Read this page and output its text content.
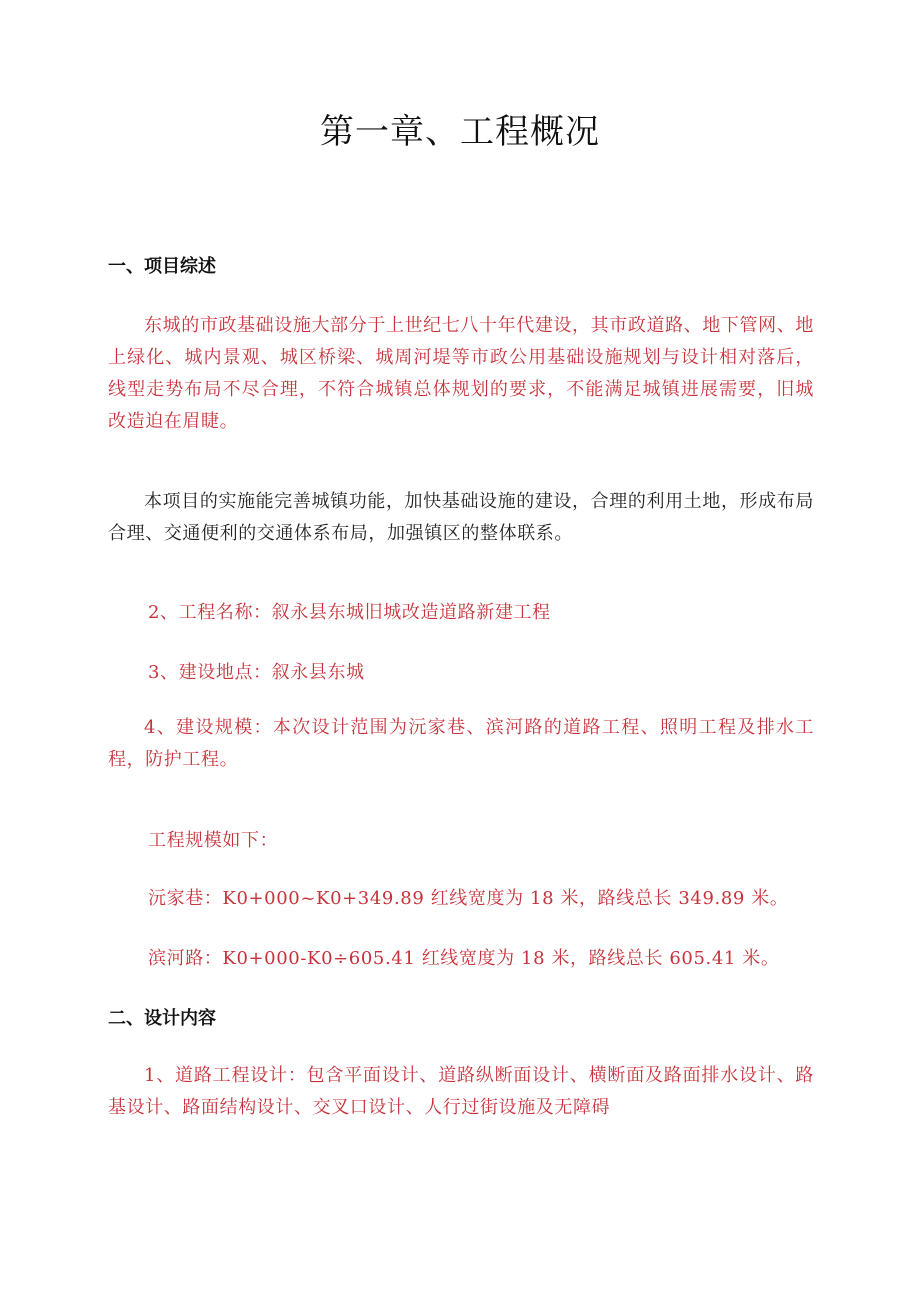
第一章、工程概况
一、项目综述
东城的市政基础设施大部分于上世纪七八十年代建设，其市政道路、地下管网、地上绿化、城内景观、城区桥梁、城周河堤等市政公用基础设施规划与设计相对落后，线型走势布局不尽合理，不符合城镇总体规划的要求，不能满足城镇进展需要，旧城改造迫在眉睫。
本项目的实施能完善城镇功能，加快基础设施的建设，合理的利用土地，形成布局合理、交通便利的交通体系布局，加强镇区的整体联系。
2、工程名称：叙永县东城旧城改造道路新建工程
3、建设地点：叙永县东城
4、建设规模：本次设计范围为沅家巷、滨河路的道路工程、照明工程及排水工程，防护工程。
工程规模如下：
沅家巷：K0+000~K0+349.89 红线宽度为 18 米，路线总长 349.89 米。
滨河路：K0+000-K0÷605.41 红线宽度为 18 米，路线总长 605.41 米。
二、设计内容
1、道路工程设计：包含平面设计、道路纵断面设计、横断面及路面排水设计、路基设计、路面结构设计、交叉口设计、人行过街设施及无障碍
